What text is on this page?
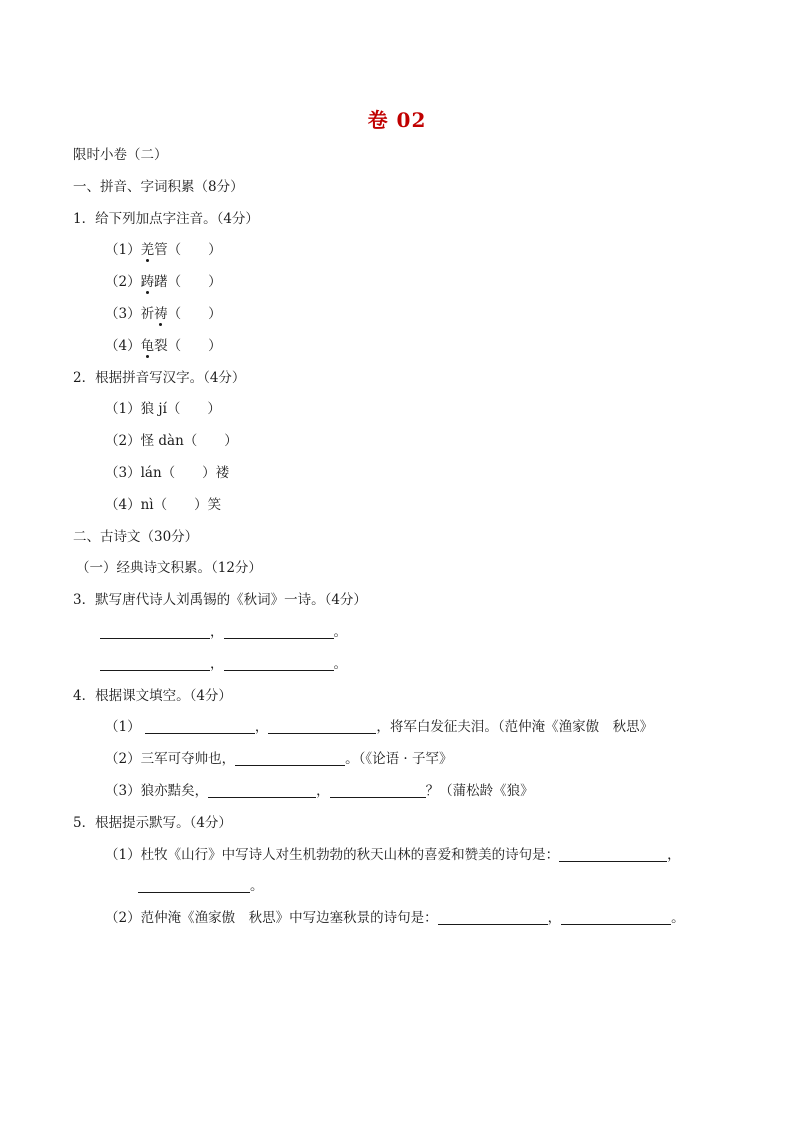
卷 02
限时小卷（二）
一、拼音、字词积累（8分）
1．给下列加点字注音。（4分）
（1）羌管（　　）
（2）踌躇（　　）
（3）祈祷（　　）
（4）龟裂（　　）
2．根据拼音写汉字。（4分）
（1）狼 jí（　　）
（2）怪 dàn（　　）
（3）lán（　　）褛
（4）nì（　　）笑
二、古诗文（30分）
（一）经典诗文积累。（12分）
3．默写唐代诗人刘禹锡的《秋词》一诗。（4分）
，	。
，	。
4．根据课文填空。（4分）
（1）	，	，将军白发征夫泪。（范仲淹《渔家傲　秋思》
（2）三军可夺帅也，	。（《论语 · 子罕》
（3）狼亦黠矣，	，	？（蒲松龄《狼》
5．根据提示默写。（4分）
（1）杜牧《山行》中写诗人对生机勃勃的秋天山林的喜爱和赞美的诗句是：	，
。
（2）范仲淹《渔家傲　秋思》中写边塞秋景的诗句是：	，	。
